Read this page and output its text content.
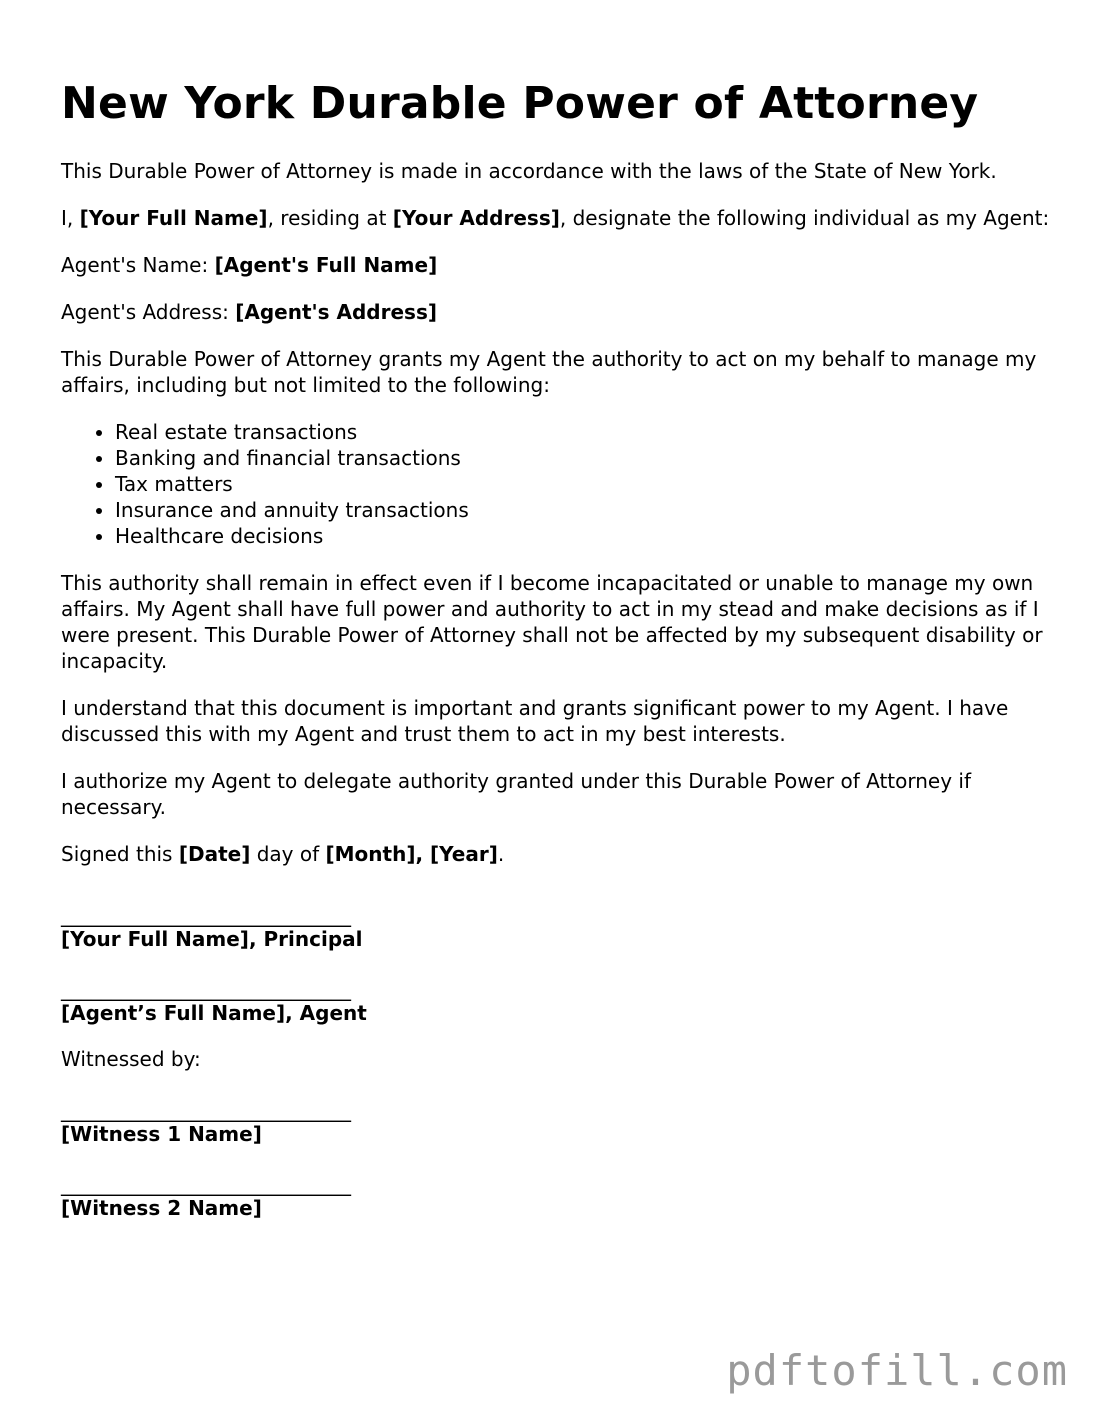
New York Durable Power of Attorney

This Durable Power of Attorney is made in accordance with the laws of the State of New York.

I, [Your Full Name], residing at [Your Address], designate the following individual as my Agent:

Agent's Name: [Agent's Full Name]

Agent's Address: [Agent's Address]

This Durable Power of Attorney grants my Agent the authority to act on my behalf to manage my affairs, including but not limited to the following:

• Real estate transactions
• Banking and financial transactions
• Tax matters
• Insurance and annuity transactions
• Healthcare decisions

This authority shall remain in effect even if I become incapacitated or unable to manage my own affairs. My Agent shall have full power and authority to act in my stead and make decisions as if I were present. This Durable Power of Attorney shall not be affected by my subsequent disability or incapacity.

I understand that this document is important and grants significant power to my Agent. I have discussed this with my Agent and trust them to act in my best interests.

I authorize my Agent to delegate authority granted under this Durable Power of Attorney if necessary.

Signed this [Date] day of [Month], [Year].

_____________________________
[Your Full Name], Principal
_____________________________
[Agent’s Full Name], Agent

Witnessed by:

_____________________________
[Witness 1 Name]
_____________________________
[Witness 2 Name]
pdftofill.com
